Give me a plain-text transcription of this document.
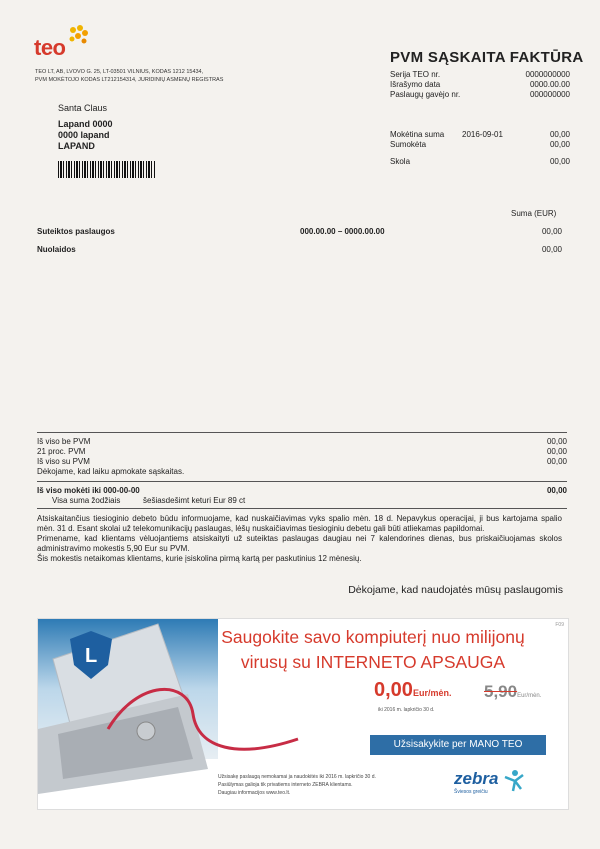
teo
TEO LT, AB, LVOVO G. 25, LT-03501 VILNIUS, KODAS 1212 15434,
PVM MOKĖTOJO KODAS LT212154314, JURIDINIŲ ASMENŲ REGISTRAS
PVM SĄSKAITA FAKTŪRA
Serija TEO nr.	0000000000
Išrašymo data	0000.00.00
Paslaugų gavėjo nr.	000000000
Santa Claus
Lapand 0000
0000 lapand
LAPAND
Mokėtina suma 2016-09-01	00,00
Sumokėta	00,00
Skola	00,00
Suma (EUR)
Suteiktos paslaugos	000.00.00 – 0000.00.00	00,00
Nuolaidos	00,00
Iš viso be PVM	00,00
21 proc. PVM	00,00
Iš viso su PVM	00,00
Dėkojame, kad laiku apmokate sąskaitas.
Iš viso mokėti iki 000-00-00	00,00
Visa suma žodžiais	šešiasdešimt keturi Eur 89 ct
Atsiskaitančius tiesioginio debeto būdu informuojame, kad nuskaičiavimas vyks spalio mėn. 18 d. Nepavykus operacijai, ji bus kartojama spalio mėn. 31 d. Esant skolai už telekomunikacijų paslaugas, lėšų nuskaičiavimas tiesioginiu debetu gali būti atliekamas papildomai.
Primename, kad klientams vėluojantiems atsiskaityti už suteiktas paslaugas daugiau nei 7 kalendorines dienas, bus priskaičiuojamas skolos administravimo mokestis 5,90 Eur su PVM.
Šis mokestis netaikomas klientams, kurie įsiskolina pirmą kartą per paskutinius 12 mėnesių.
Dėkojame, kad naudojatės mūsų paslaugomis
L
F09
Saugokite savo kompiuterį nuo milijonų
virusų su INTERNETO APSAUGA
0,00Eur/mėn. 5,90Eur/mėn.
iki 2016 m. lapkričio 30 d.
Užsisakę paslaugą nemokamai ja naudokitės iki 2016 m. lapkričio 30 d.
Pasiūlymas galioja tik privatiems interneto ZEBRA klientams.
Daugiau informacijos www.teo.lt.
zebra
Šviesos greičiu
Užsisakykite per MANO TEO
